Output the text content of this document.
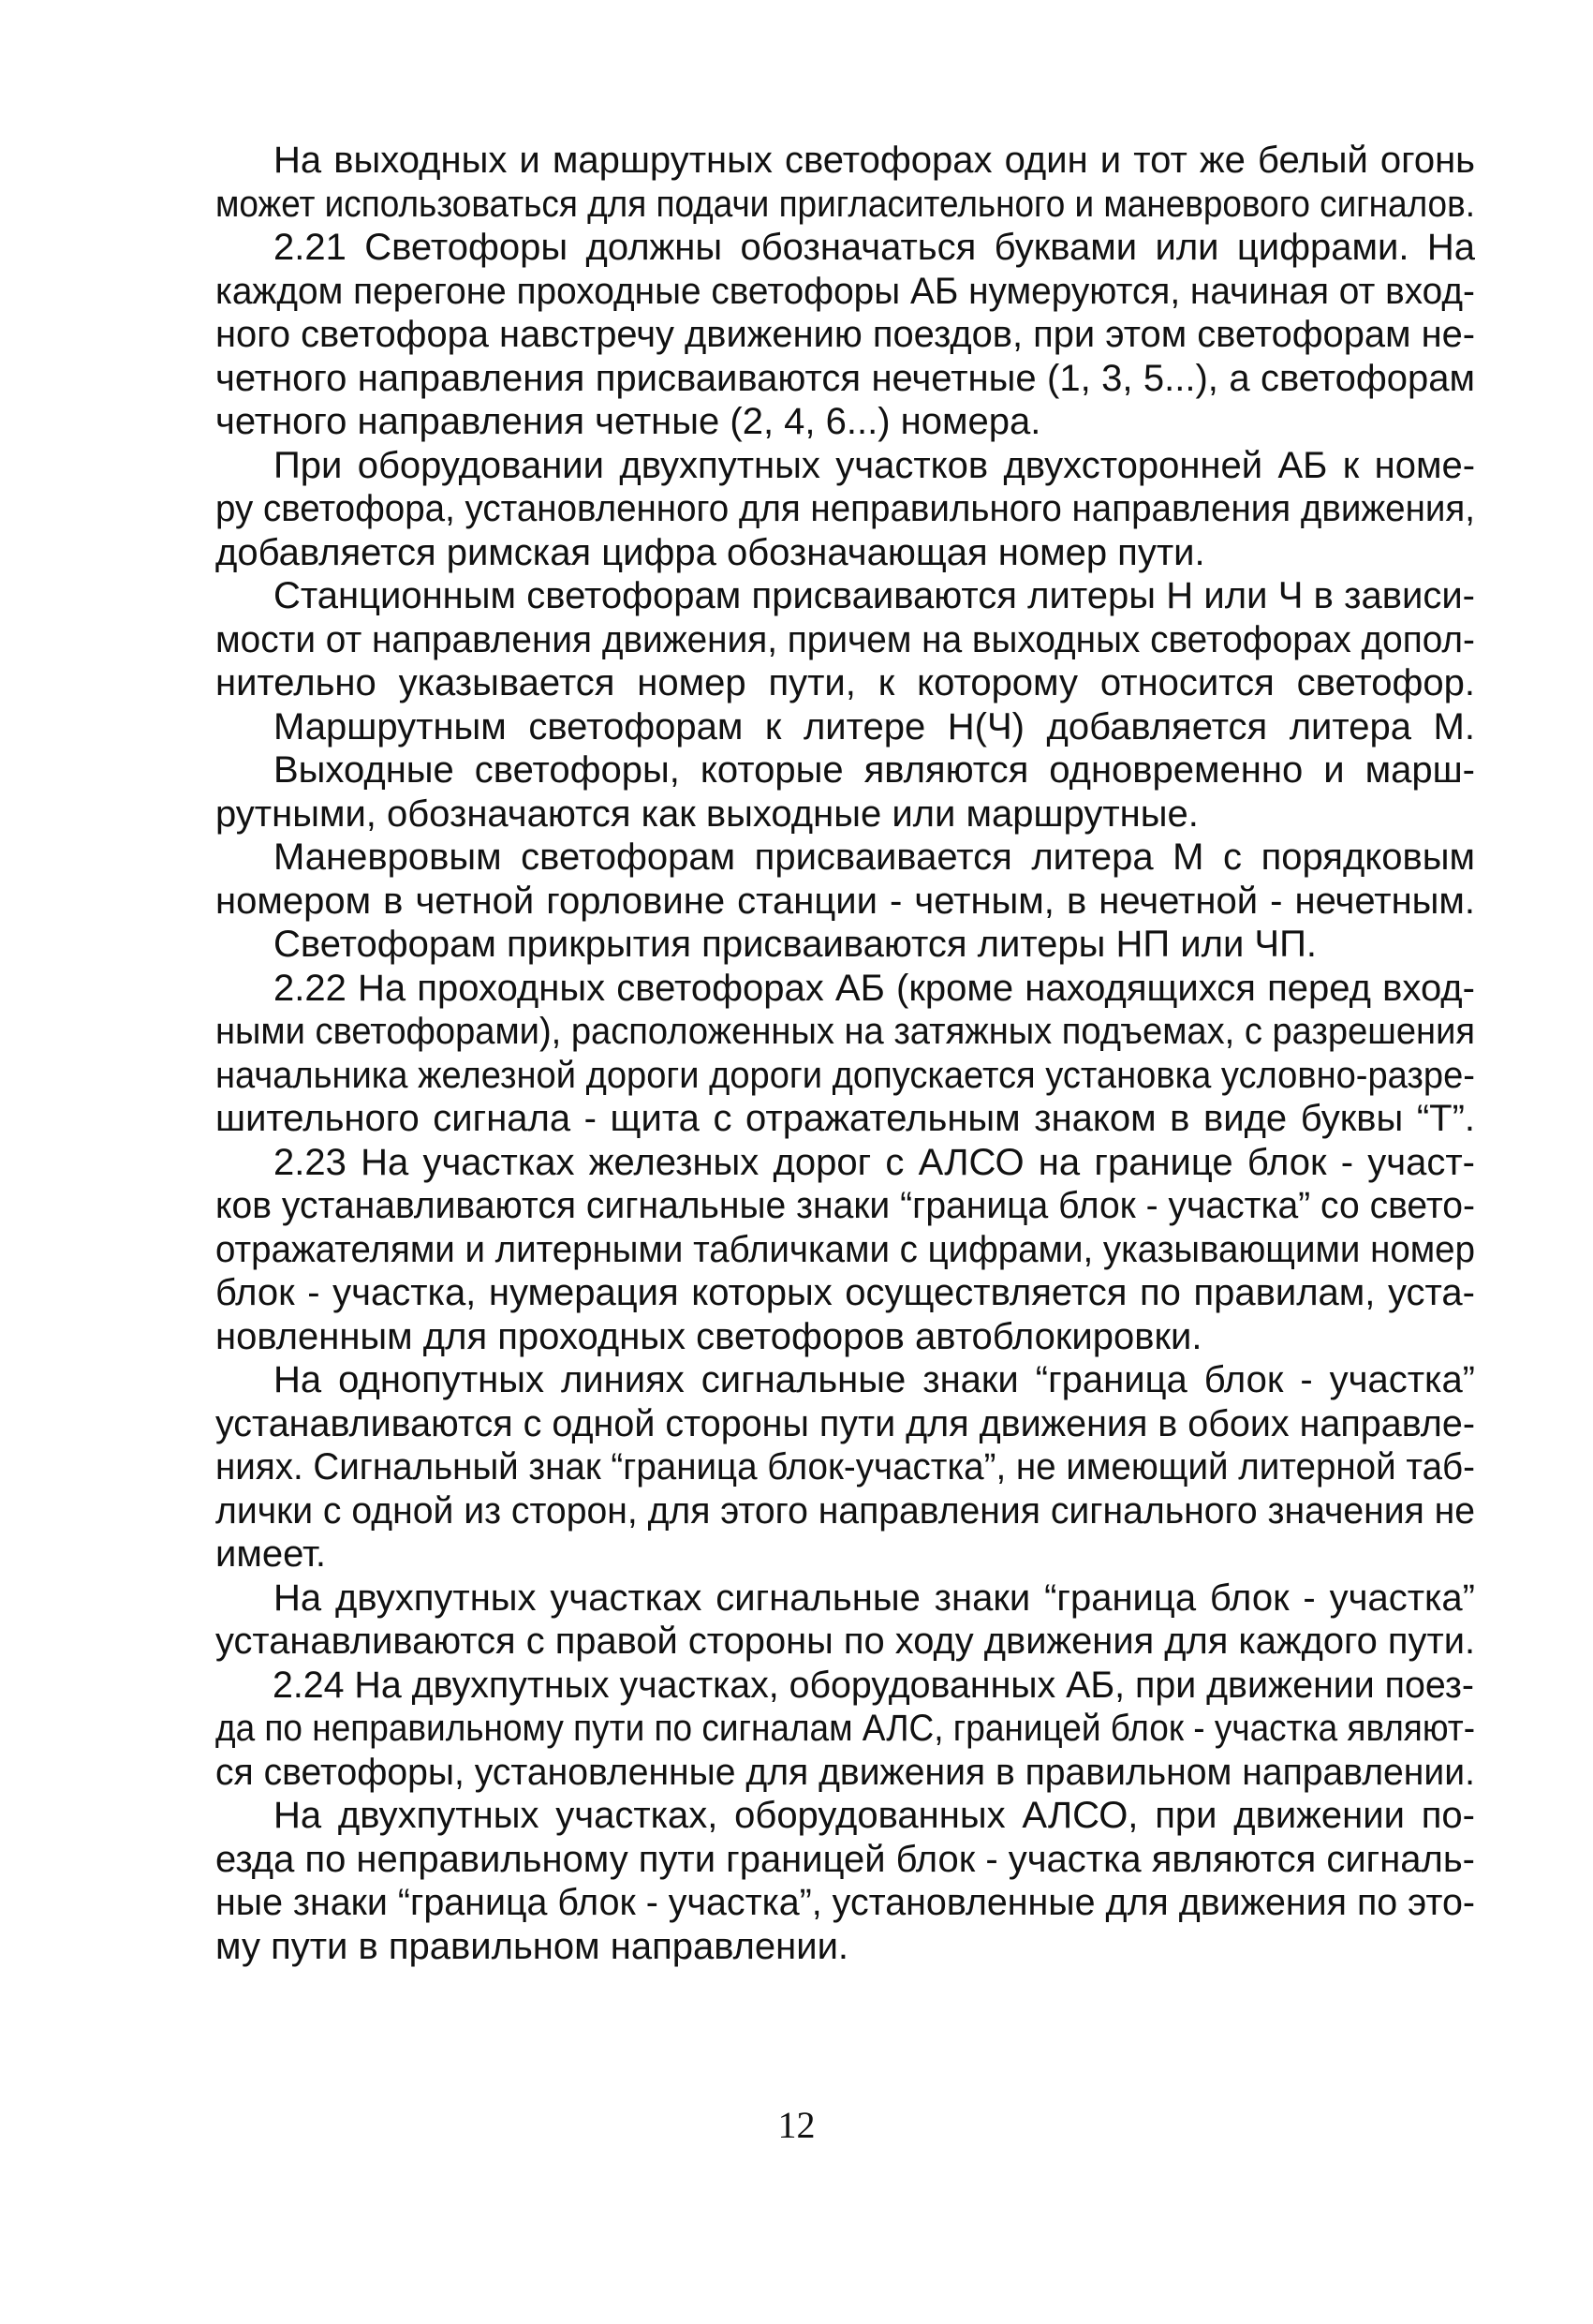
На выходных и маршрутных светофорах один и тот же белый огонь
может использоваться для подачи пригласительного и маневрового сигналов.
2.21 Светофоры должны обозначаться буквами или цифрами. На
каждом перегоне проходные светофоры АБ нумеруются, начиная от вход-
ного светофора навстречу движению поездов, при этом светофорам не-
четного направления присваиваются нечетные (1, 3, 5...), а светофорам
четного направления четные (2, 4, 6...) номера.
При оборудовании двухпутных участков двухсторонней АБ к номе-
ру светофора, установленного для неправильного направления движения,
добавляется римская цифра обозначающая номер пути.
Станционным светофорам присваиваются литеры Н или Ч в зависи-
мости от направления движения, причем на выходных светофорах допол-
нительно указывается номер пути, к которому относится светофор.
Маршрутным светофорам к литере Н(Ч) добавляется литера М.
Выходные светофоры, которые являются одновременно и марш-
рутными, обозначаются как выходные или маршрутные.
Маневровым светофорам присваивается литера М с порядковым
номером в четной горловине станции - четным, в нечетной - нечетным.
Светофорам прикрытия присваиваются литеры НП или ЧП.
2.22 На проходных светофорах АБ (кроме находящихся перед вход-
ными светофорами), расположенных на затяжных подъемах, с разрешения
начальника железной дороги дороги допускается установка условно-разре-
шительного сигнала - щита с отражательным знаком в виде буквы “Т”.
2.23 На участках железных дорог с АЛСО на границе блок - участ-
ков устанавливаются сигнальные знаки “граница блок - участка” со свето-
отражателями и литерными табличками с цифрами, указывающими номер
блок - участка, нумерация которых осуществляется по правилам, уста-
новленным для проходных светофоров автоблокировки.
На однопутных линиях сигнальные знаки “граница блок - участка”
устанавливаются с одной стороны пути для движения в обоих направле-
ниях. Сигнальный знак “граница блок-участка”, не имеющий литерной таб-
лички с одной из сторон, для этого направления сигнального значения не
имеет.
На двухпутных участках сигнальные знаки “граница блок - участка”
устанавливаются с правой стороны по ходу движения для каждого пути.
2.24 На двухпутных участках, оборудованных АБ, при движении поез-
да по неправильному пути по сигналам АЛС, границей блок - участка являют-
ся светофоры, установленные для движения в правильном направлении.
На двухпутных участках, оборудованных АЛСО, при движении по-
езда по неправильному пути границей блок - участка являются сигналь-
ные знаки “граница блок - участка”, установленные для движения по это-
му пути в правильном направлении.
12
